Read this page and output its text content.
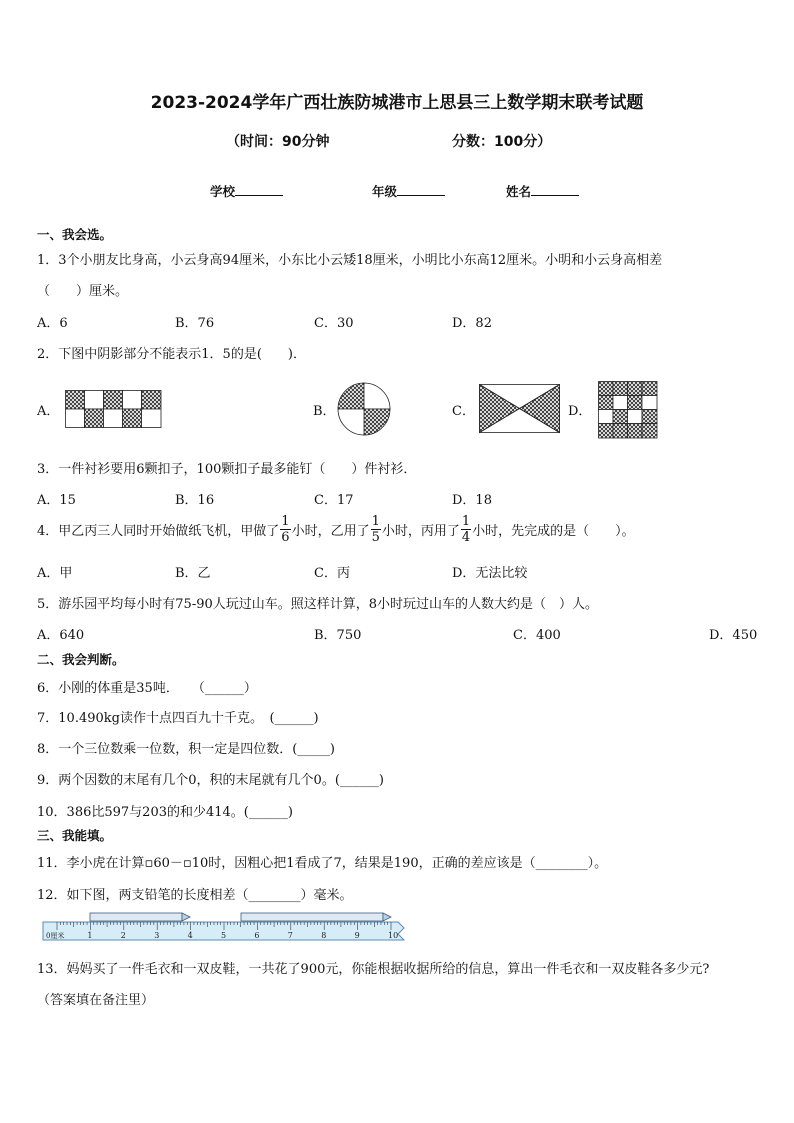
2023-2024学年广西壮族防城港市上思县三上数学期末联考试题
（时间：90分钟	分数：100分）
学校	年级	姓名
一、我会选。
1．3个小朋友比身高，小云身高94厘米，小东比小云矮18厘米，小明比小东高12厘米。小明和小云身高相差
（　　）厘米。
A．6	B．76	C．30	D．82
2．下图中阴影部分不能表示1．5的是(　　)．
A．	B．	C．	D．
3．一件衬衫要用6颗扣子，100颗扣子最多能钉（　　）件衬衫．
A．15	B．16	C．17	D．18
4．甲乙丙三人同时开始做纸飞机，甲做了 $\frac{1}{6}$ 小时，乙用了 $\frac{1}{5}$ 小时，丙用了 $\frac{1}{4}$ 小时，先完成的是（　　）。
A．甲	B．乙	C．丙	D．无法比较
5．游乐园平均每小时有75-90人玩过山车。照这样计算，8小时玩过山车的人数大约是（　）人。
A．640	B．750	C．400	D．450
二、我会判断。
6．小刚的体重是35吨．　　（______）
7．10.490kg读作十点四百九十千克。　(______)
8．一个三位数乘一位数，积一定是四位数．(_____)
9．两个因数的末尾有几个0，积的末尾就有几个0。(______)
10．386比597与203的和少414。(______)
三、我能填。
11．李小虎在计算▫60－▫10时，因粗心把1看成了7，结果是190，正确的差应该是（________）。
12．如下图，两支铅笔的长度相差（________）毫米。
0厘米	1	2	3	4	5	6	7	8	9	10
13．妈妈买了一件毛衣和一双皮鞋，一共花了900元，你能根据收据所给的信息，算出一件毛衣和一双皮鞋各多少元?
（答案填在备注里）
